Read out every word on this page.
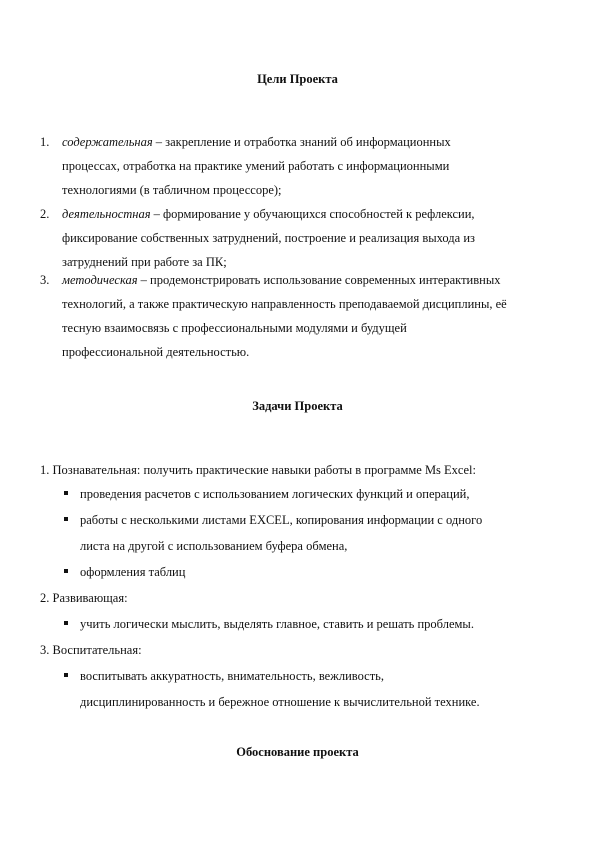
Цели Проекта
1. содержательная – закрепление и отработка знаний об информационных
процессах, отработка на практике умений работать с информационными
технологиями (в табличном процессоре);
2. деятельностная – формирование у обучающихся способностей к рефлексии,
фиксирование собственных затруднений, построение и реализация выхода из
затруднений при работе за ПК;
3. методическая – продемонстрировать использование современных интерактивных
технологий, а также практическую направленность преподаваемой дисциплины, её
тесную взаимосвязь с профессиональными модулями и будущей
профессиональной деятельностью.
Задачи Проекта
1. Познавательная: получить практические навыки работы в программе Ms Excel:
проведения расчетов с использованием логических функций и операций,
работы с несколькими листами EXCEL, копирования информации с одного
листа на другой с использованием буфера обмена,
оформления таблиц
2. Развивающая:
учить логически мыслить, выделять главное, ставить и решать проблемы.
3. Воспитательная:
воспитывать аккуратность, внимательность, вежливость,
дисциплинированность и бережное отношение к вычислительной технике.
Обоснование проекта
